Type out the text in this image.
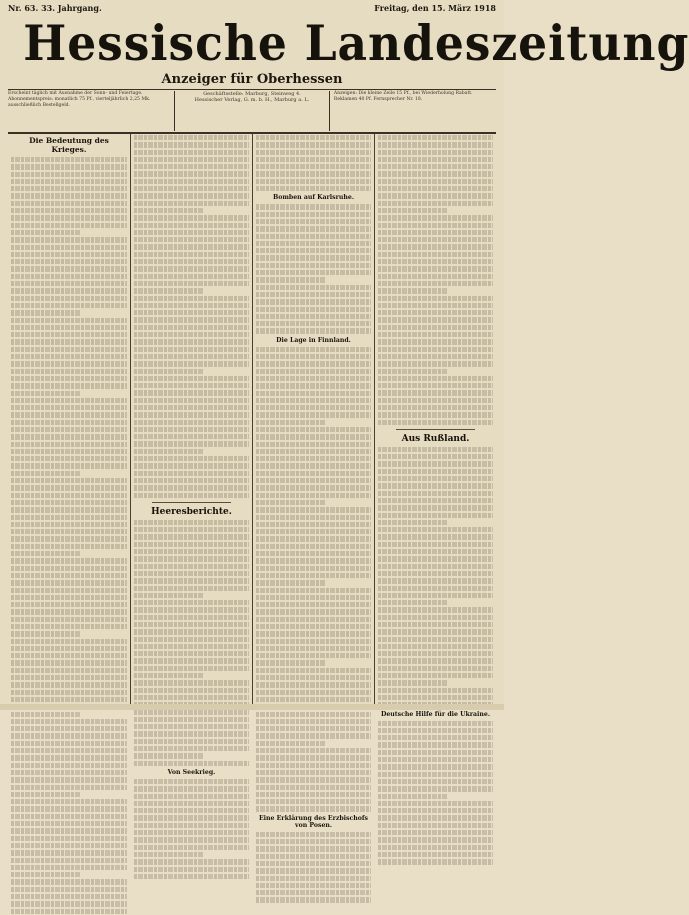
Nr. 63. 33. Jahrgang.	Freitag, den 15. März 1918
Hessische Landeszeitung
Anzeiger für Oberhessen
Erscheint täglich mit Ausnahme der Sonn- und Feiertage. Abonnementspreis: monatlich 75 Pf., vierteljährlich 2,25 Mk. ausschließlich Bestellgeld.
Geschäftsstelle: Marburg, Steinweg 4.
Hessischer Verlag, G. m. b. H., Marburg a. L.
Anzeigen: Die kleine Zeile 15 Pf., bei Wiederholung Rabatt. Reklamen 40 Pf. Fernsprecher Nr. 18.
Die Bedeutung des Krieges.
Heeresberichte.
Von Seekrieg.
Bomben auf Karlsruhe.
Die Lage in Finnland.
Eine Erklärung des Erzbischofs von Posen.
Aus Rußland.
Deutsche Hilfe für die Ukraine.
